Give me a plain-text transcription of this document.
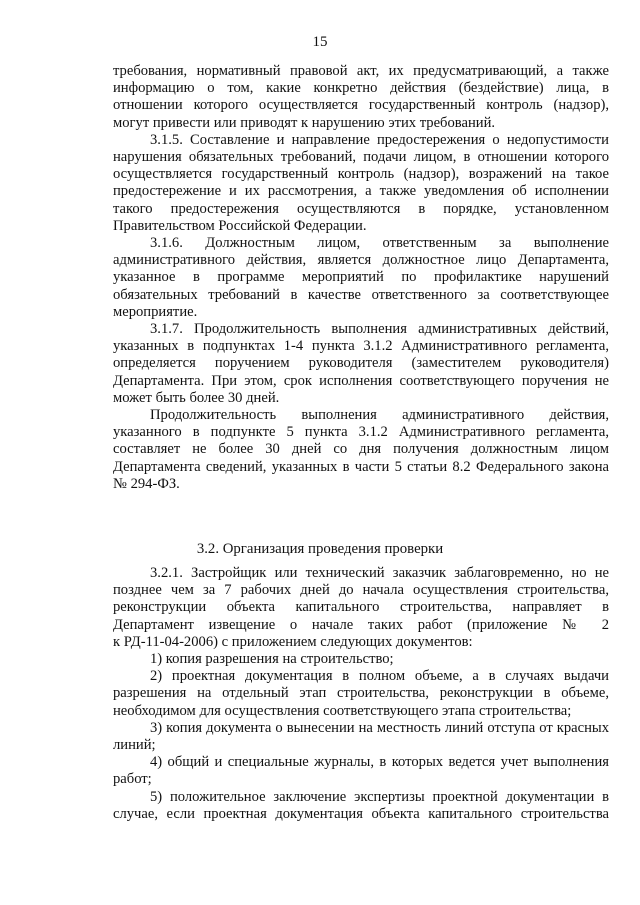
15
требования, нормативный правовой акт, их предусматривающий, а также
информацию о том, какие конкретно действия (бездействие) лица, в
отношении которого осуществляется государственный контроль (надзор),
могут привести или приводят к нарушению этих требований.
3.1.5. Составление и направление предостережения о недопустимости
нарушения обязательных требований, подачи лицом, в отношении которого
осуществляется государственный контроль (надзор), возражений на такое
предостережение и их рассмотрения, а также уведомления об исполнении
такого предостережения осуществляются в порядке, установленном
Правительством Российской Федерации.
3.1.6. Должностным лицом, ответственным за выполнение
административного действия, является должностное лицо Департамента,
указанное в программе мероприятий по профилактике нарушений
обязательных требований в качестве ответственного за соответствующее
мероприятие.
3.1.7. Продолжительность выполнения административных действий,
указанных в подпунктах 1-4 пункта 3.1.2 Административного регламента,
определяется поручением руководителя (заместителем руководителя)
Департамента. При этом, срок исполнения соответствующего поручения не
может быть более 30 дней.
Продолжительность выполнения административного действия,
указанного в подпункте 5 пункта 3.1.2 Административного регламента,
составляет не более 30 дней со дня получения должностным лицом
Департамента сведений, указанных в части 5 статьи 8.2 Федерального закона
№ 294-ФЗ.
3.2. Организация проведения проверки
3.2.1. Застройщик или технический заказчик заблаговременно, но не
позднее чем за 7 рабочих дней до начала осуществления строительства,
реконструкции объекта капитального строительства, направляет в
Департамент извещение о начале таких работ (приложение № 2
к РД-11-04-2006) с приложением следующих документов:
1) копия разрешения на строительство;
2) проектная документация в полном объеме, а в случаях выдачи
разрешения на отдельный этап строительства, реконструкции в объеме,
необходимом для осуществления соответствующего этапа строительства;
3) копия документа о вынесении на местность линий отступа от красных
линий;
4) общий и специальные журналы, в которых ведется учет выполнения
работ;
5) положительное заключение экспертизы проектной документации в
случае, если проектная документация объекта капитального строительства
